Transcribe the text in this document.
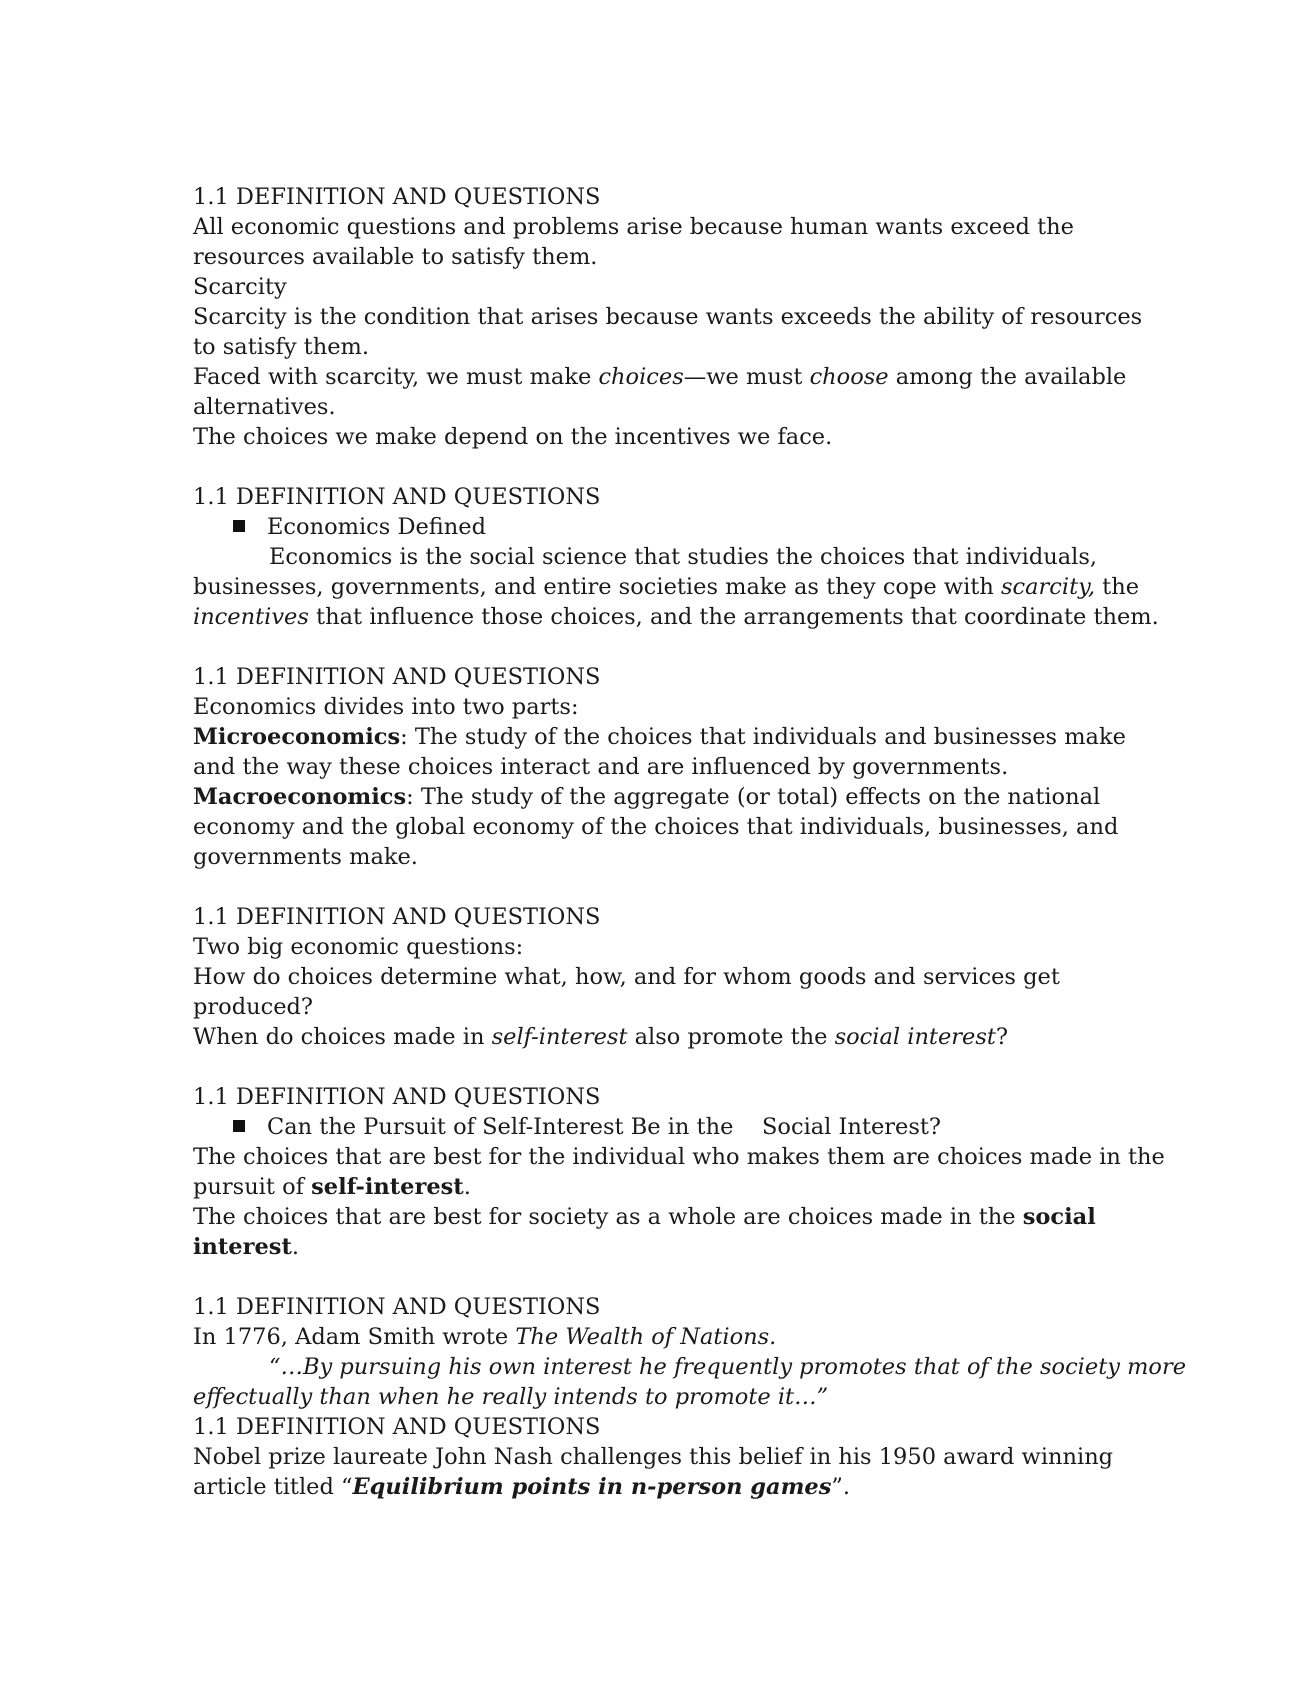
1.1 DEFINITION AND QUESTIONS
All economic questions and problems arise because human wants exceed the
resources available to satisfy them.
Scarcity
Scarcity is the condition that arises because wants exceeds the ability of resources
to satisfy them.
Faced with scarcity, we must make choices—we must choose among the available
alternatives.
The choices we make depend on the incentives we face.
1.1 DEFINITION AND QUESTIONS
Economics Defined
Economics is the social science that studies the choices that individuals,
businesses, governments, and entire societies make as they cope with scarcity, the
incentives that influence those choices, and the arrangements that coordinate them.
1.1 DEFINITION AND QUESTIONS
Economics divides into two parts:
Microeconomics: The study of the choices that individuals and businesses make
and the way these choices interact and are influenced by governments.
Macroeconomics: The study of the aggregate (or total) effects on the national
economy and the global economy of the choices that individuals, businesses, and
governments make.
1.1 DEFINITION AND QUESTIONS
Two big economic questions:
How do choices determine what, how, and for whom goods and services get
produced?
When do choices made in self-interest also promote the social interest?
1.1 DEFINITION AND QUESTIONS
Can the Pursuit of Self-Interest Be in the    Social Interest?
The choices that are best for the individual who makes them are choices made in the
pursuit of self-interest.
The choices that are best for society as a whole are choices made in the social
interest.
1.1 DEFINITION AND QUESTIONS
In 1776, Adam Smith wrote The Wealth of Nations.
“…By pursuing his own interest he frequently promotes that of the society more
effectually than when he really intends to promote it…”
1.1 DEFINITION AND QUESTIONS
Nobel prize laureate John Nash challenges this belief in his 1950 award winning
article titled “Equilibrium points in n-person games”.
